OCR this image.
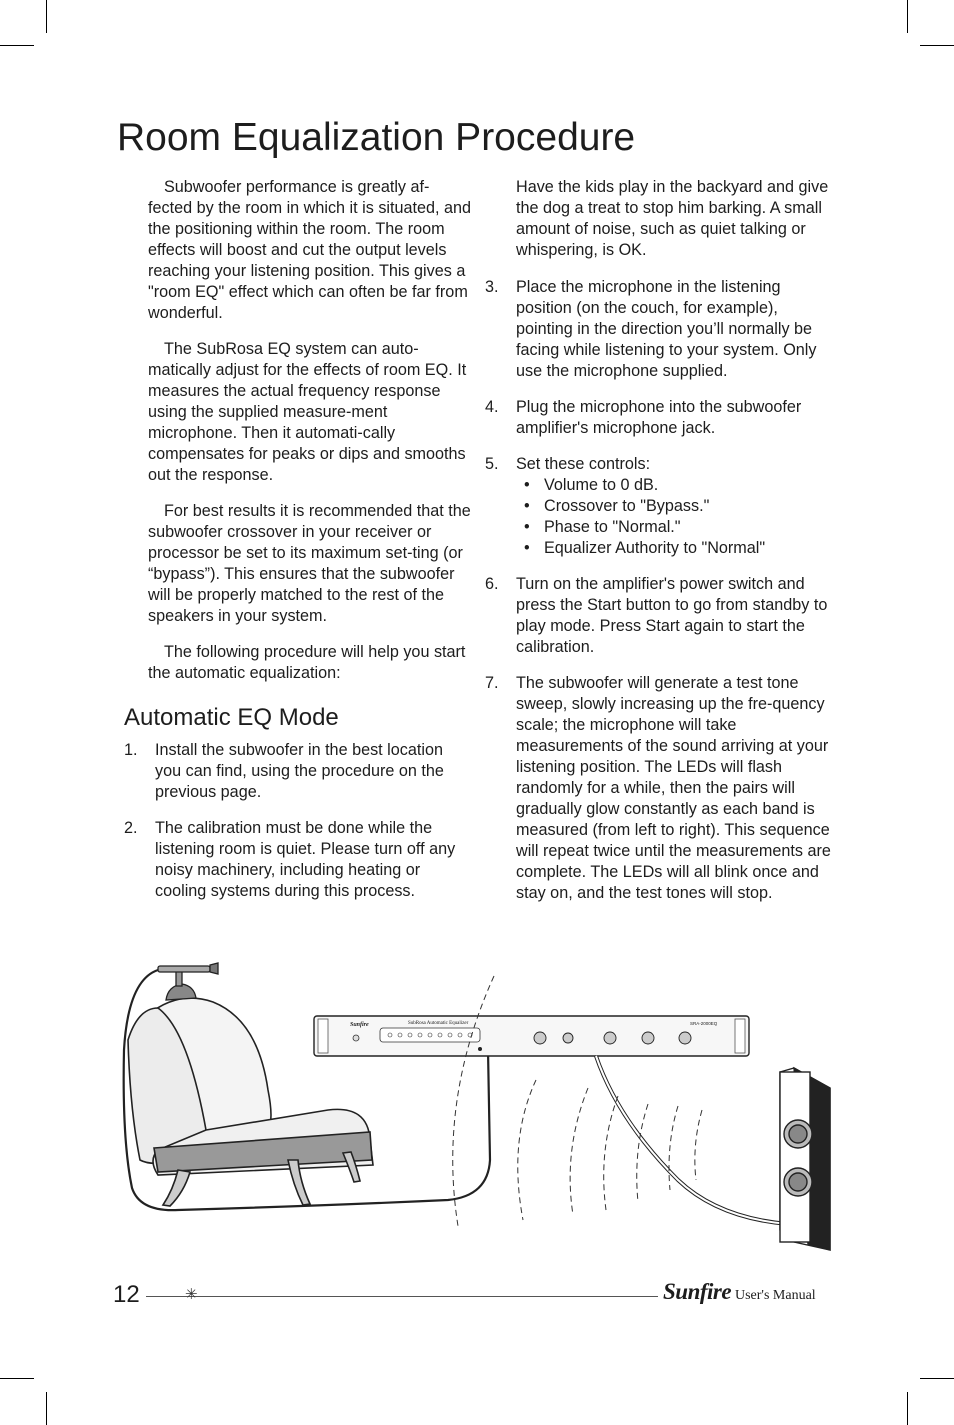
Room Equalization Procedure

Subwoofer performance is greatly af-fected by the room in which it is situated, and the positioning within the room. The room effects will boost and cut the output levels reaching your listening position. This gives a "room EQ" effect which can often be far from wonderful.

The SubRosa EQ system can auto-matically adjust for the effects of room EQ. It measures the actual frequency response using the supplied measure-ment microphone. Then it automati-cally compensates for peaks or dips and smooths out the response.

For best results it is recommended that the subwoofer crossover in your receiver or processor be set to its maximum set-ting (or “bypass”). This ensures that the subwoofer will be properly matched to the rest of the speakers in your system.

The following procedure will help you start the automatic equalization:

Automatic EQ Mode
1. Install the subwoofer in the best location you can find, using the procedure on the previous page.
2. The calibration must be done while the listening room is quiet. Please turn off any noisy machinery, including heating or cooling systems during this process.
Have the kids play in the backyard and give the dog a treat to stop him barking. A small amount of noise, such as quiet talking or whispering, is OK.
3. Place the microphone in the listening position (on the couch, for example), pointing in the direction you’ll normally be facing while listening to your system. Only use the microphone supplied.
4. Plug the microphone into the subwoofer amplifier's microphone jack.
5. Set these controls:
• Volume to 0 dB.
• Crossover to "Bypass."
• Phase to "Normal."
• Equalizer Authority to "Normal"
6. Turn on the amplifier's power switch and press the Start button to go from standby to play mode. Press Start again to start the calibration.
7. The subwoofer will generate a test tone sweep, slowly increasing up the fre-quency scale; the microphone will take measurements of the sound arriving at your listening position. The LEDs will flash randomly for a while, then the pairs will gradually glow constantly as each band is measured (from left to right). This sequence will repeat twice until the measurements are complete. The LEDs will all blink once and stay on, and the test tones will stop.
Sunfire	SubRosa Automatic Equalizer	SRA-2000EQ
12	✳	Sunfire User's Manual
